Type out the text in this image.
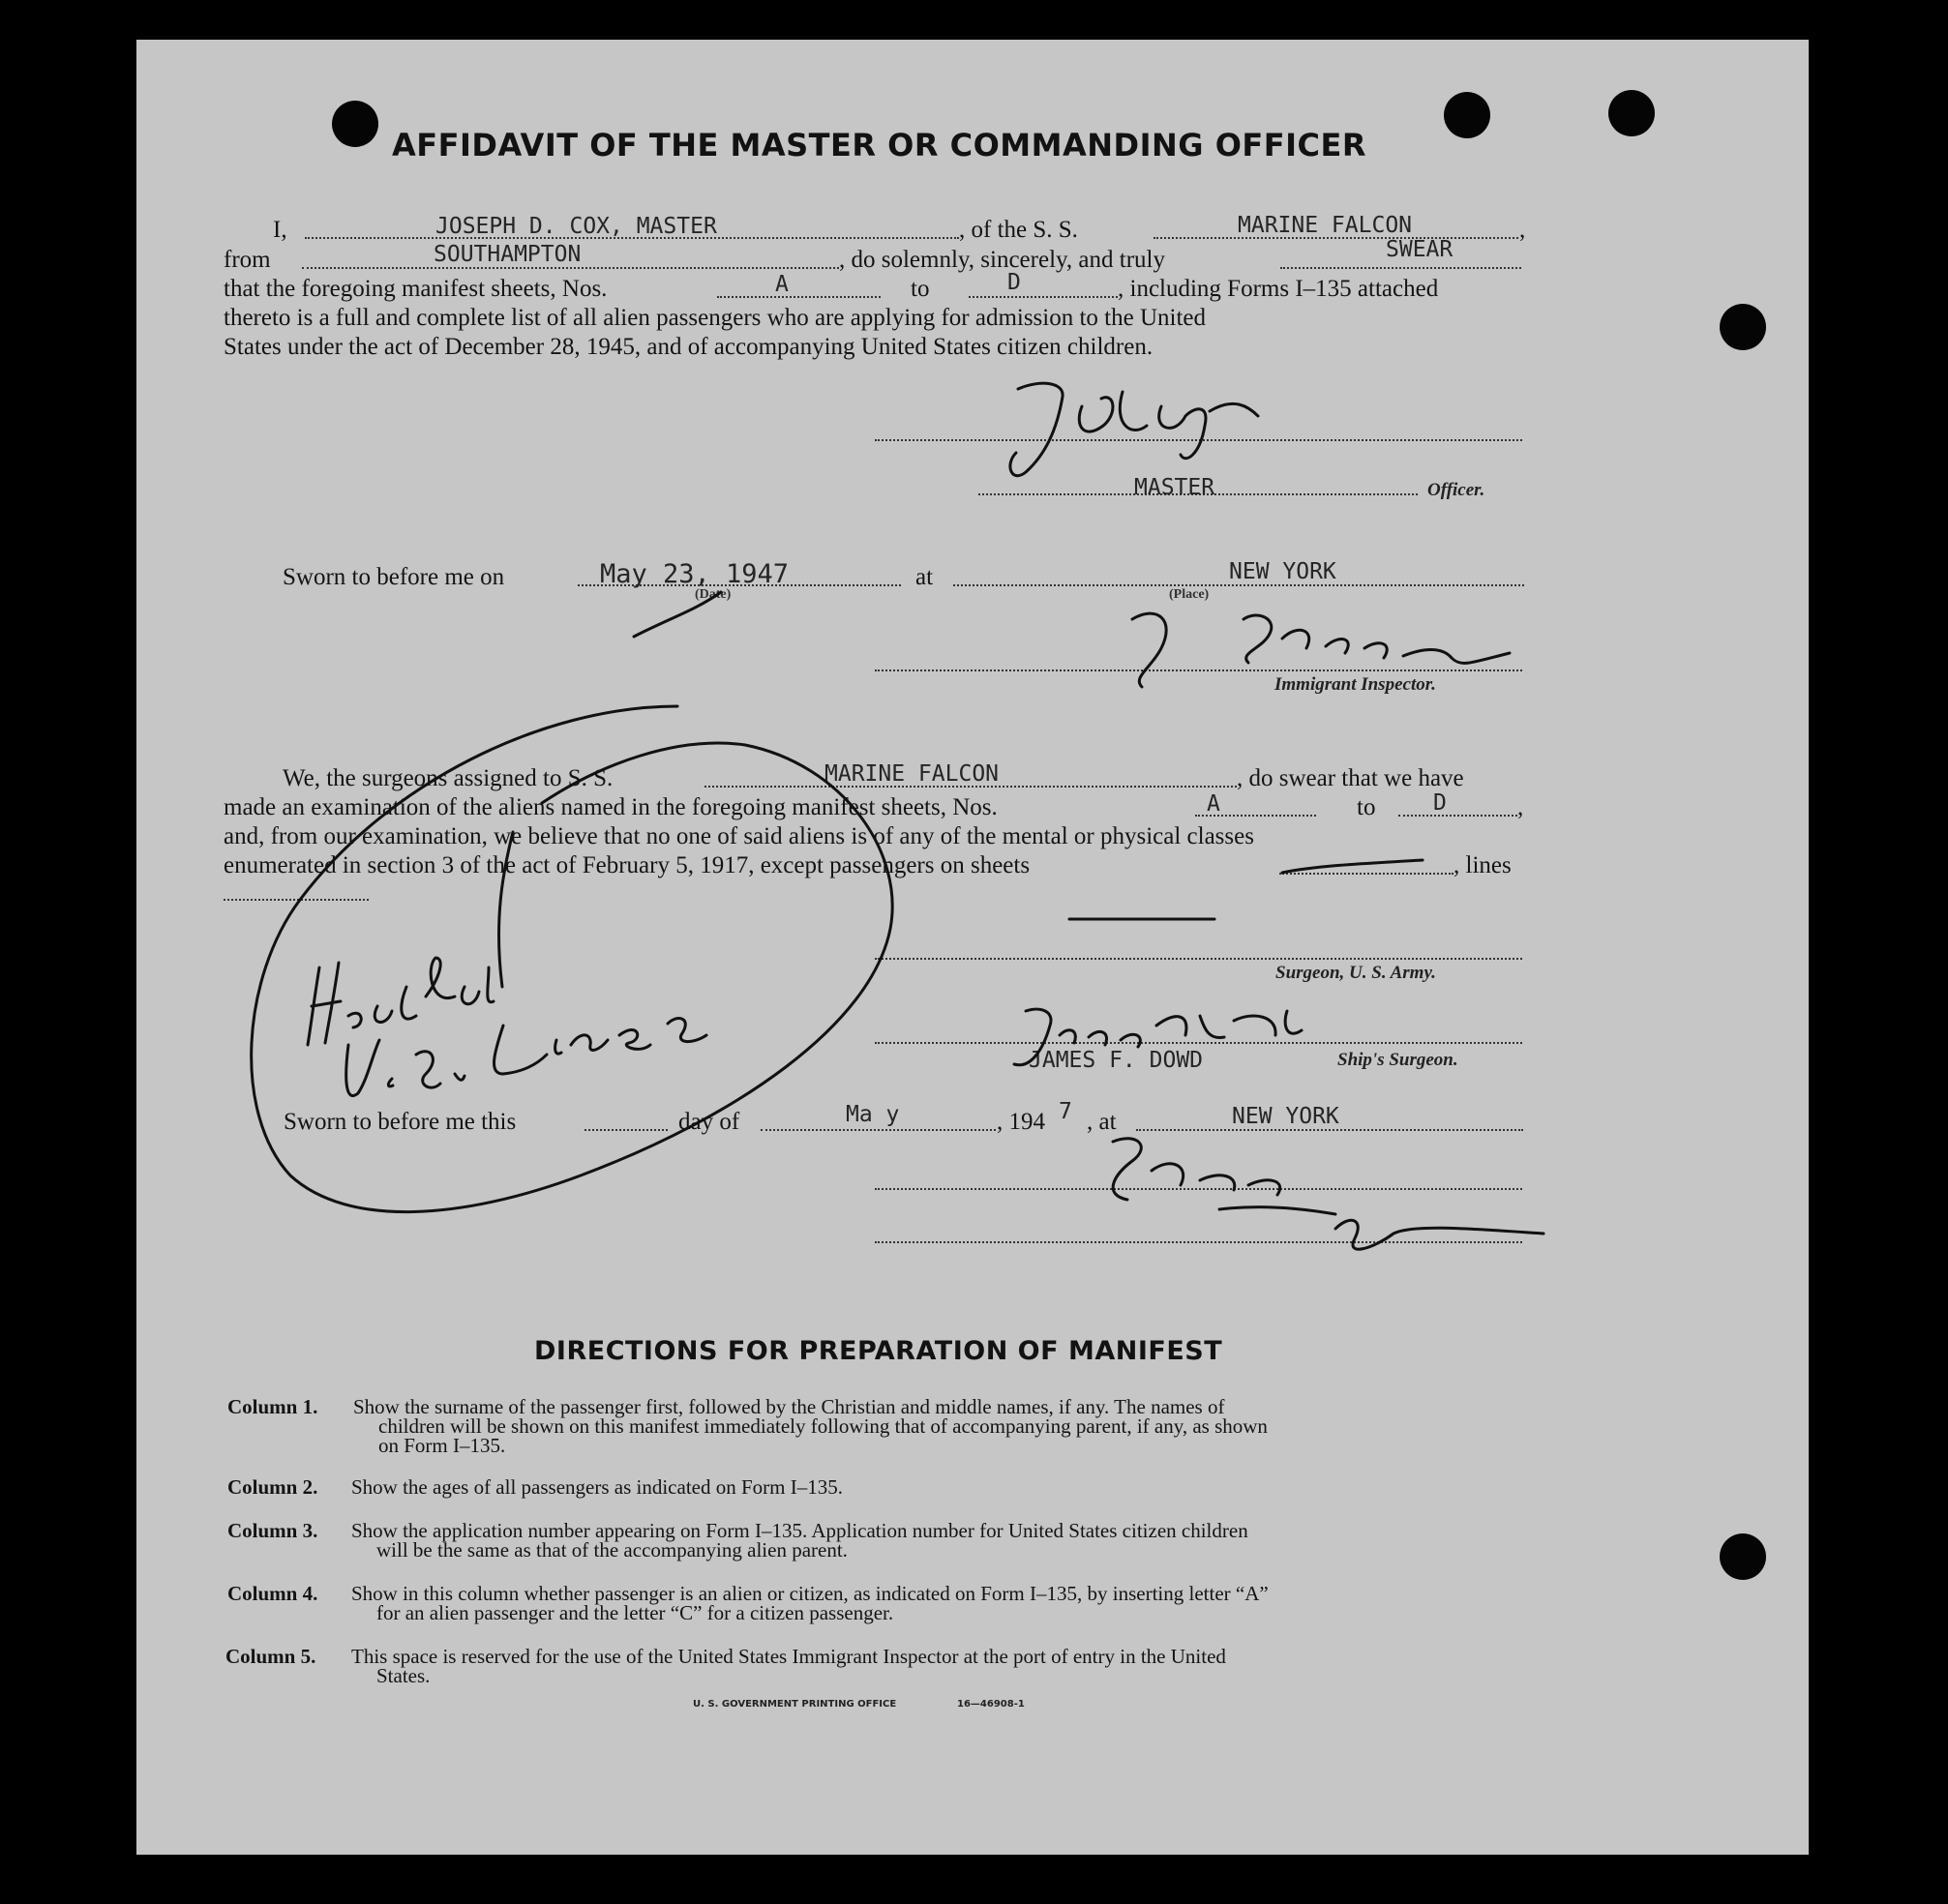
AFFIDAVIT OF THE MASTER OR COMMANDING OFFICER
I,	JOSEPH D. COX, MASTER	, of the S. S.	MARINE FALCON	,
from	SOUTHAMPTON	, do solemnly, sincerely, and truly	SWEAR
that the foregoing manifest sheets, Nos.	A	to	D	, including Forms I–135 attached
thereto is a full and complete list of all alien passengers who are applying for admission to the United
States under the act of December 28, 1945, and of accompanying United States citizen children.
MASTER	Officer.
Sworn to before me on	May 23, 1947
(Date)
at	NEW YORK
(Place)
Immigrant Inspector.
We, the surgeons assigned to S. S.	MARINE FALCON	, do swear that we have
made an examination of the aliens named in the foregoing manifest sheets, Nos.	A	to	D	,
and, from our examination, we believe that no one of said aliens is of any of the mental or physical classes
enumerated in section 3 of the act of February 5, 1917, except passengers on sheets	, lines
Surgeon, U. S. Army.
JAMES F. DOWD	Ship's Surgeon.
Sworn to before me this	day of	Ma y	, 194 7 , at	NEW YORK
DIRECTIONS FOR PREPARATION OF MANIFEST
Column 1. Show the surname of the passenger first, followed by the Christian and middle names, if any. The names of
children will be shown on this manifest immediately following that of accompanying parent, if any, as shown
on Form I–135.
Column 2. Show the ages of all passengers as indicated on Form I–135.
Column 3. Show the application number appearing on Form I–135. Application number for United States citizen children
will be the same as that of the accompanying alien parent.
Column 4. Show in this column whether passenger is an alien or citizen, as indicated on Form I–135, by inserting letter “A”
for an alien passenger and the letter “C” for a citizen passenger.
Column 5. This space is reserved for the use of the United States Immigrant Inspector at the port of entry in the United
States.
U. S. GOVERNMENT PRINTING OFFICE	16—46908-1
